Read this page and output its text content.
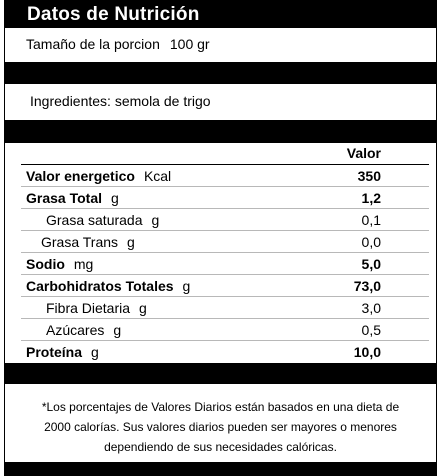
Datos de Nutrición
Tamaño de la porcion 100 gr
Ingredientes: semola de trigo
Valor
Valor energetico Kcal	350
Grasa Total g	1,2
Grasa saturada g	0,1
Grasa Trans g	0,0
Sodio mg	5,0
Carbohidratos Totales g	73,0
Fibra Dietaria g	3,0
Azúcares g	0,5
Proteína g	10,0
*Los porcentajes de Valores Diarios están basados en una dieta de
2000 calorías. Sus valores diarios pueden ser mayores o menores
dependiendo de sus necesidades calóricas.
